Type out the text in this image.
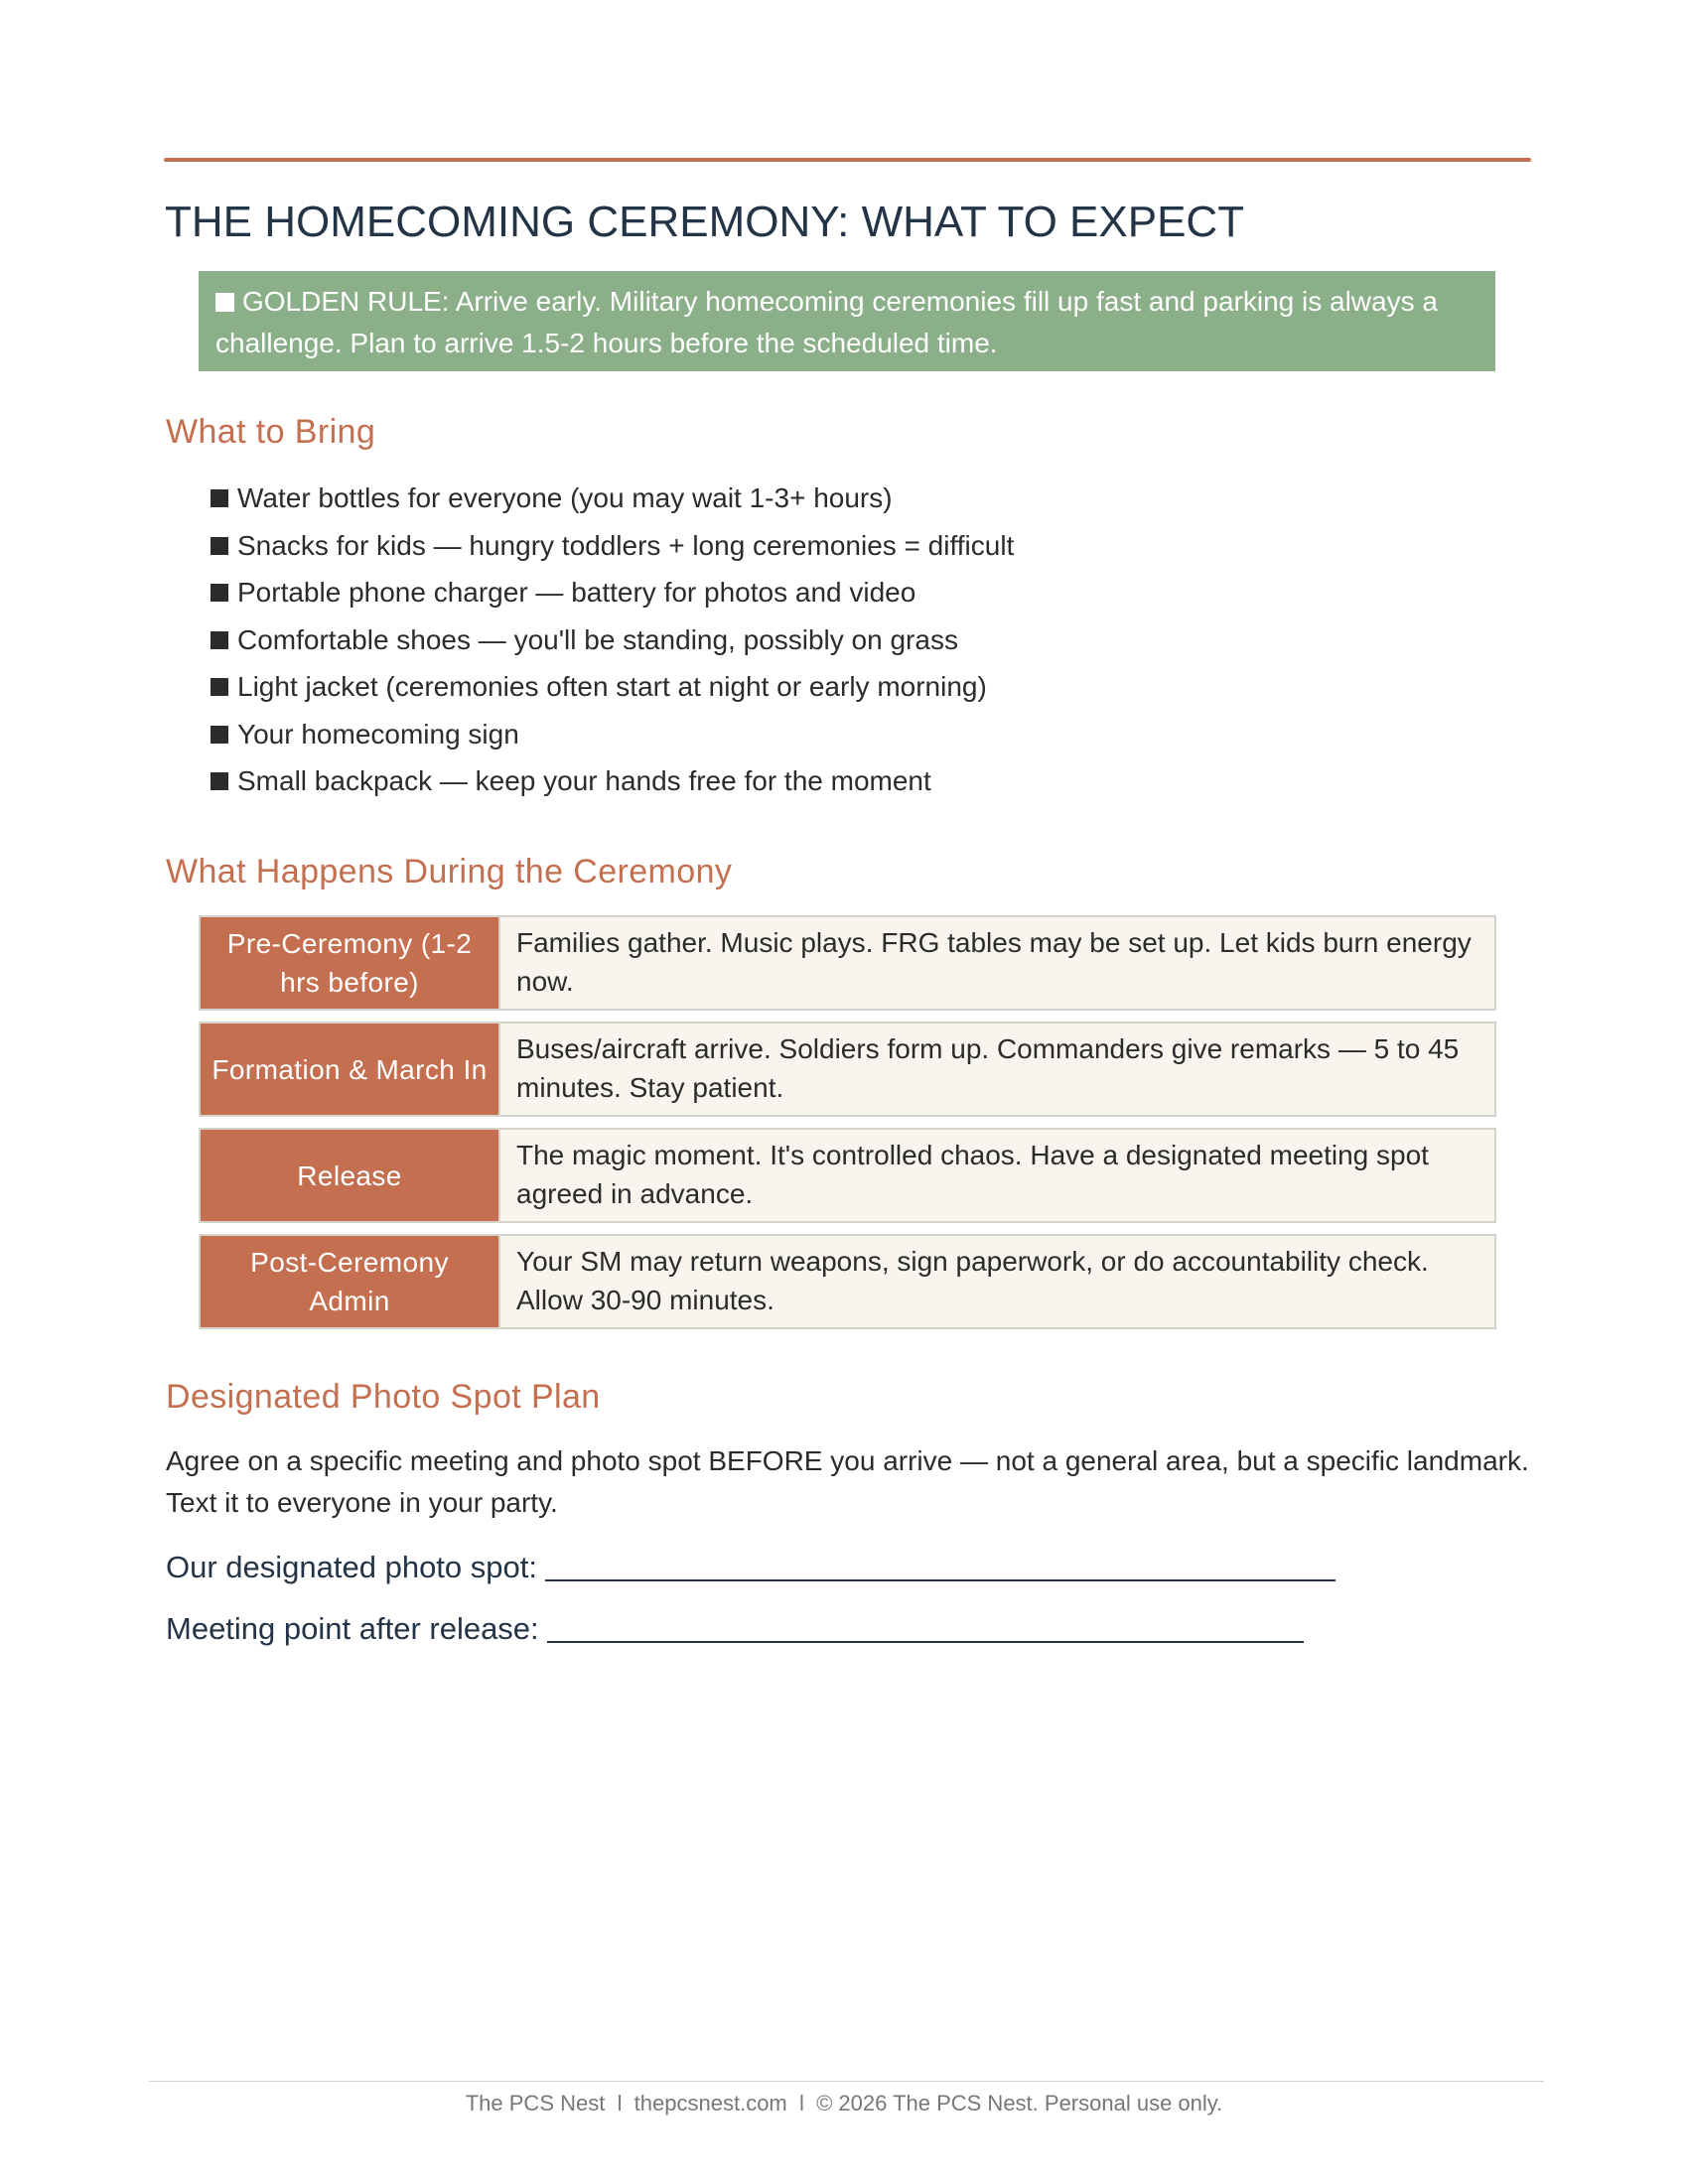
THE HOMECOMING CEREMONY: WHAT TO EXPECT
GOLDEN RULE: Arrive early. Military homecoming ceremonies fill up fast and parking is always a challenge. Plan to arrive 1.5-2 hours before the scheduled time.
What to Bring
Water bottles for everyone (you may wait 1-3+ hours)
Snacks for kids — hungry toddlers + long ceremonies = difficult
Portable phone charger — battery for photos and video
Comfortable shoes — you'll be standing, possibly on grass
Light jacket (ceremonies often start at night or early morning)
Your homecoming sign
Small backpack — keep your hands free for the moment
What Happens During the Ceremony
Pre-Ceremony (1-2 hrs before)
Families gather. Music plays. FRG tables may be set up. Let kids burn energy now.
Formation & March In
Buses/aircraft arrive. Soldiers form up. Commanders give remarks — 5 to 45 minutes. Stay patient.
Release
The magic moment. It's controlled chaos. Have a designated meeting spot agreed in advance.
Post-Ceremony Admin
Your SM may return weapons, sign paperwork, or do accountability check. Allow 30-90 minutes.
Designated Photo Spot Plan

Agree on a specific meeting and photo spot BEFORE you arrive — not a general area, but a specific landmark. Text it to everyone in your party.

Our designated photo spot:
Meeting point after release:
The PCS Nest  l  thepcsnest.com  l  © 2026 The PCS Nest. Personal use only.
